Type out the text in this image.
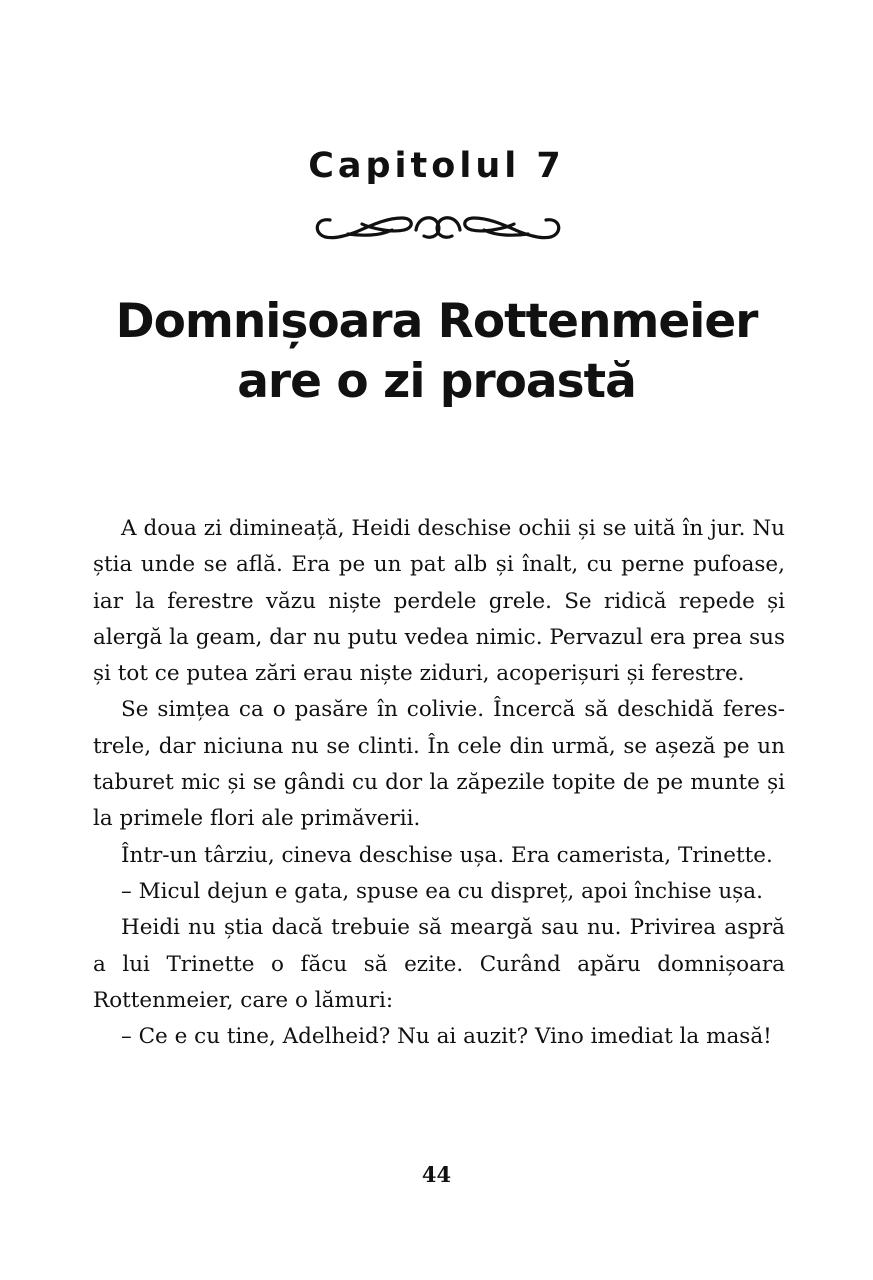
Capitolul 7
Domnișoara Rottenmeier
are o zi proastă

A doua zi dimineață, Heidi deschise ochii și se uită în jur. Nu știa unde se află. Era pe un pat alb și înalt, cu perne pufoase, iar la ferestre văzu niște perdele grele. Se ridică repede și alergă la geam, dar nu putu vedea nimic. Pervazul era prea sus și tot ce putea zări erau niște ziduri, acoperișuri și ferestre.

Se simțea ca o pasăre în colivie. Încercă să deschidă ferestrele, dar niciuna nu se clinti. În cele din urmă, se așeză pe un taburet mic și se gândi cu dor la zăpezile topite de pe munte și la primele flori ale primăverii.

Într-un târziu, cineva deschise ușa. Era camerista, Trinette.

– Micul dejun e gata, spuse ea cu dispreț, apoi închise ușa.

Heidi nu știa dacă trebuie să meargă sau nu. Privirea aspră a lui Trinette o făcu să ezite. Curând apăru domnișoara Rottenmeier, care o lămuri:

– Ce e cu tine, Adelheid? Nu ai auzit? Vino imediat la masă!

44
